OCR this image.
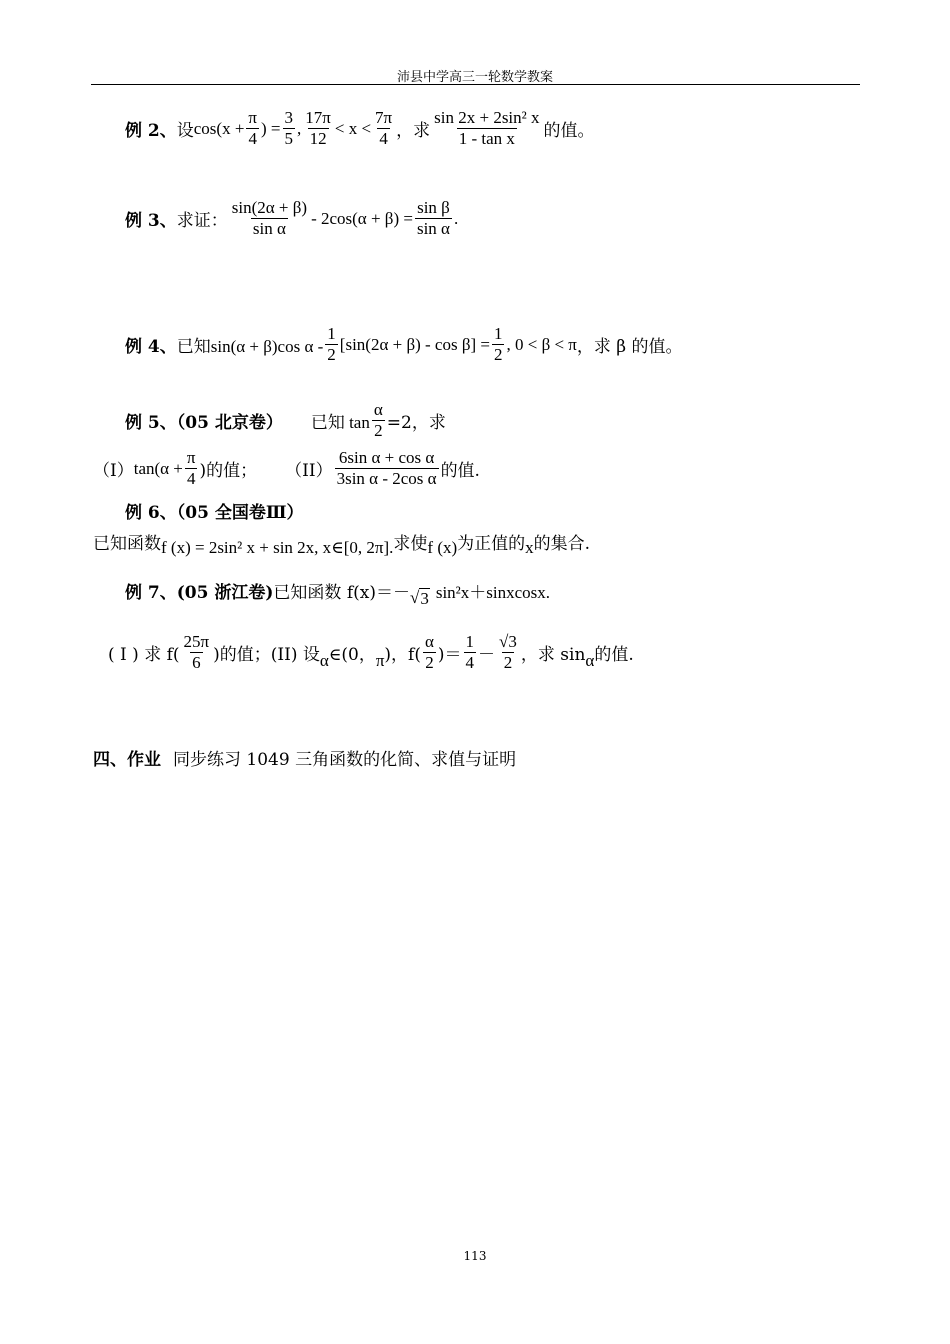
沛县中学高三一轮数学教案
例 2、 设 $\cos(x + \frac{\pi}{4}$ ) = $\frac{3}{5}$ , $\frac{17\pi}{12} < x < \frac{7\pi}{4}$ ，求 $\frac{\text{sin 2x + 2sin² x}}{\text{1 - tan x}}$ 的值。
例 3、 求证： $\frac{\sin(2\alpha + \beta)}{\text{sin α}} - 2\cos(\alpha + \beta) = \frac{\text{sin β}}{\text{sin α}}$ .
例 4、 已知sin(α + β)cos $\alpha - \frac{1}{2} [\sin(2\alpha + \beta) - \cos \beta] = \frac{1}{2}$ , 0 < β < π ，求 β 的值。
例 5、（05 北京卷） 已知 $\tan \frac{\alpha}{2} =2$，求
（I） $\tan(\alpha + \frac{\pi}{4}$ )的值； $(II) \frac{\text{6sin α + cos α}}{\text{3sin α - 2cos α}}$ 的值.
例 6、（05 全国卷Ⅲ）
已知函数 f (x) = 2sin² x + sin 2x, x∈[0, 2π]. 求使 f (x) 为正值的 x 的集合.
例 7、(05 浙江卷) 已知函数 f(x)＝－ √ 3 sin²x＋sinxcosx.
( I ) 求 $f( \frac{25\pi}{6}$ )的值；(II) 设 α ∈(0， π )，$f( \frac{\alpha}{2}$ )＝ $\frac{1}{4} - \frac{√3}{2}$ ，求 sin α 的值.
四、作业 同步练习 1049 三角函数的化简、求值与证明
113
